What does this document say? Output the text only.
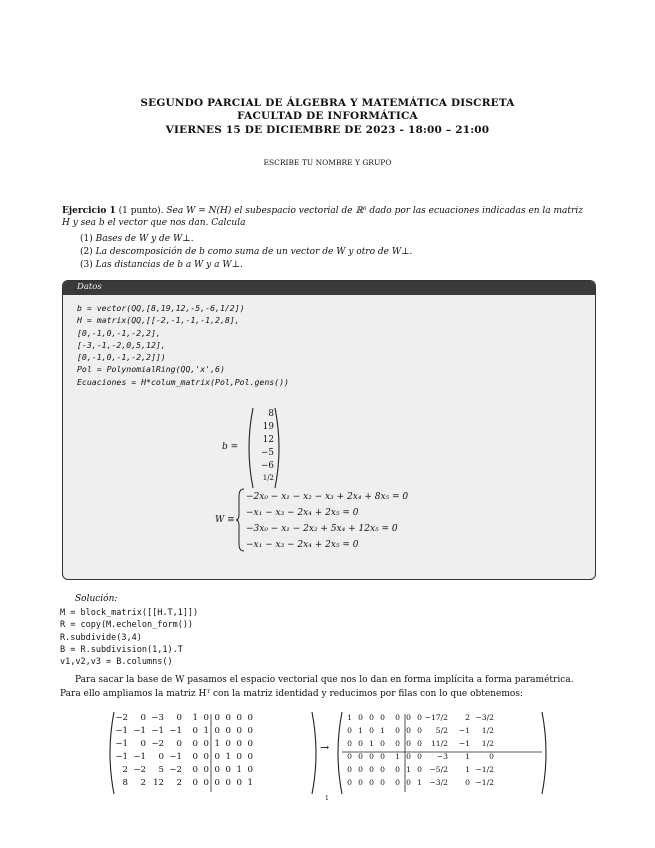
SEGUNDO PARCIAL DE ÁLGEBRA Y MATEMÁTICA DISCRETA
FACULTAD DE INFORMÁTICA
VIERNES 15 DE DICIEMBRE DE 2023 - 18:00 – 21:00
ESCRIBE TU NOMBRE Y GRUPO
Ejercicio 1 (1 punto). Sea W = N(H) el subespacio vectorial de ℝ⁶ dado por las ecuaciones indicadas en la matriz
H y sea b el vector que nos dan. Calcula
(1) Bases de W y de W⊥.
(2) La descomposición de b como suma de un vector de W y otro de W⊥.
(3) Las distancias de b a W y a W⊥.
Datos
b = vector(QQ,[8,19,12,-5,-6,1/2])
H = matrix(QQ,[[-2,-1,-1,-1,2,8],
[0,-1,0,-1,-2,2],
[-3,-1,-2,0,5,12],
[0,-1,0,-1,-2,2]])
Pol = PolynomialRing(QQ,'x',6)
Ecuaciones = H*colum_matrix(Pol,Pol.gens())
b =
8
19
12
−5
−6
1/2
W ≡
−2x₀ − x₁ − x₂ − x₃ + 2x₄ + 8x₅ = 0
−x₁ − x₃ − 2x₄ + 2x₅ = 0
−3x₀ − x₁ − 2x₂ + 5x₄ + 12x₅ = 0
−x₁ − x₃ − 2x₄ + 2x₅ = 0
Solución:
M = block_matrix([[H.T,1]])
R = copy(M.echelon_form())
R.subdivide(3,4)
B = R.subdivision(1,1).T
v1,v2,v3 = B.columns()
Para sacar la base de W pasamos el espacio vectorial que nos lo dan en forma implícita a forma paramétrica.
Para ello ampliamos la matriz Hᵀ con la matriz identidad y reducimos por filas con lo que obtenemos:
−2 0 −3 0 1 0 0 0 0 0
−1 −1 −1 −1 0 1 0 0 0 0
−1 0 −2 0 0 0 1 0 0 0
−1 −1 0 −1 0 0 0 1 0 0
2 −2 5 −2 0 0 0 0 1 0
8 2 12 2 0 0 0 0 0 1
→
1 0 0 0 0 0 0 −17/2 2 −3/2
0 1 0 1 0 0 0 5/2 −1 1/2
0 0 1 0 0 0 0 11/2 −1 1/2
0 0 0 0 1 0 0 −3 1	0
0 0 0 0 0 1 0 −5/2 1 −1/2
0 0 0 0 0 0 1 −3/2 0 −1/2
1
